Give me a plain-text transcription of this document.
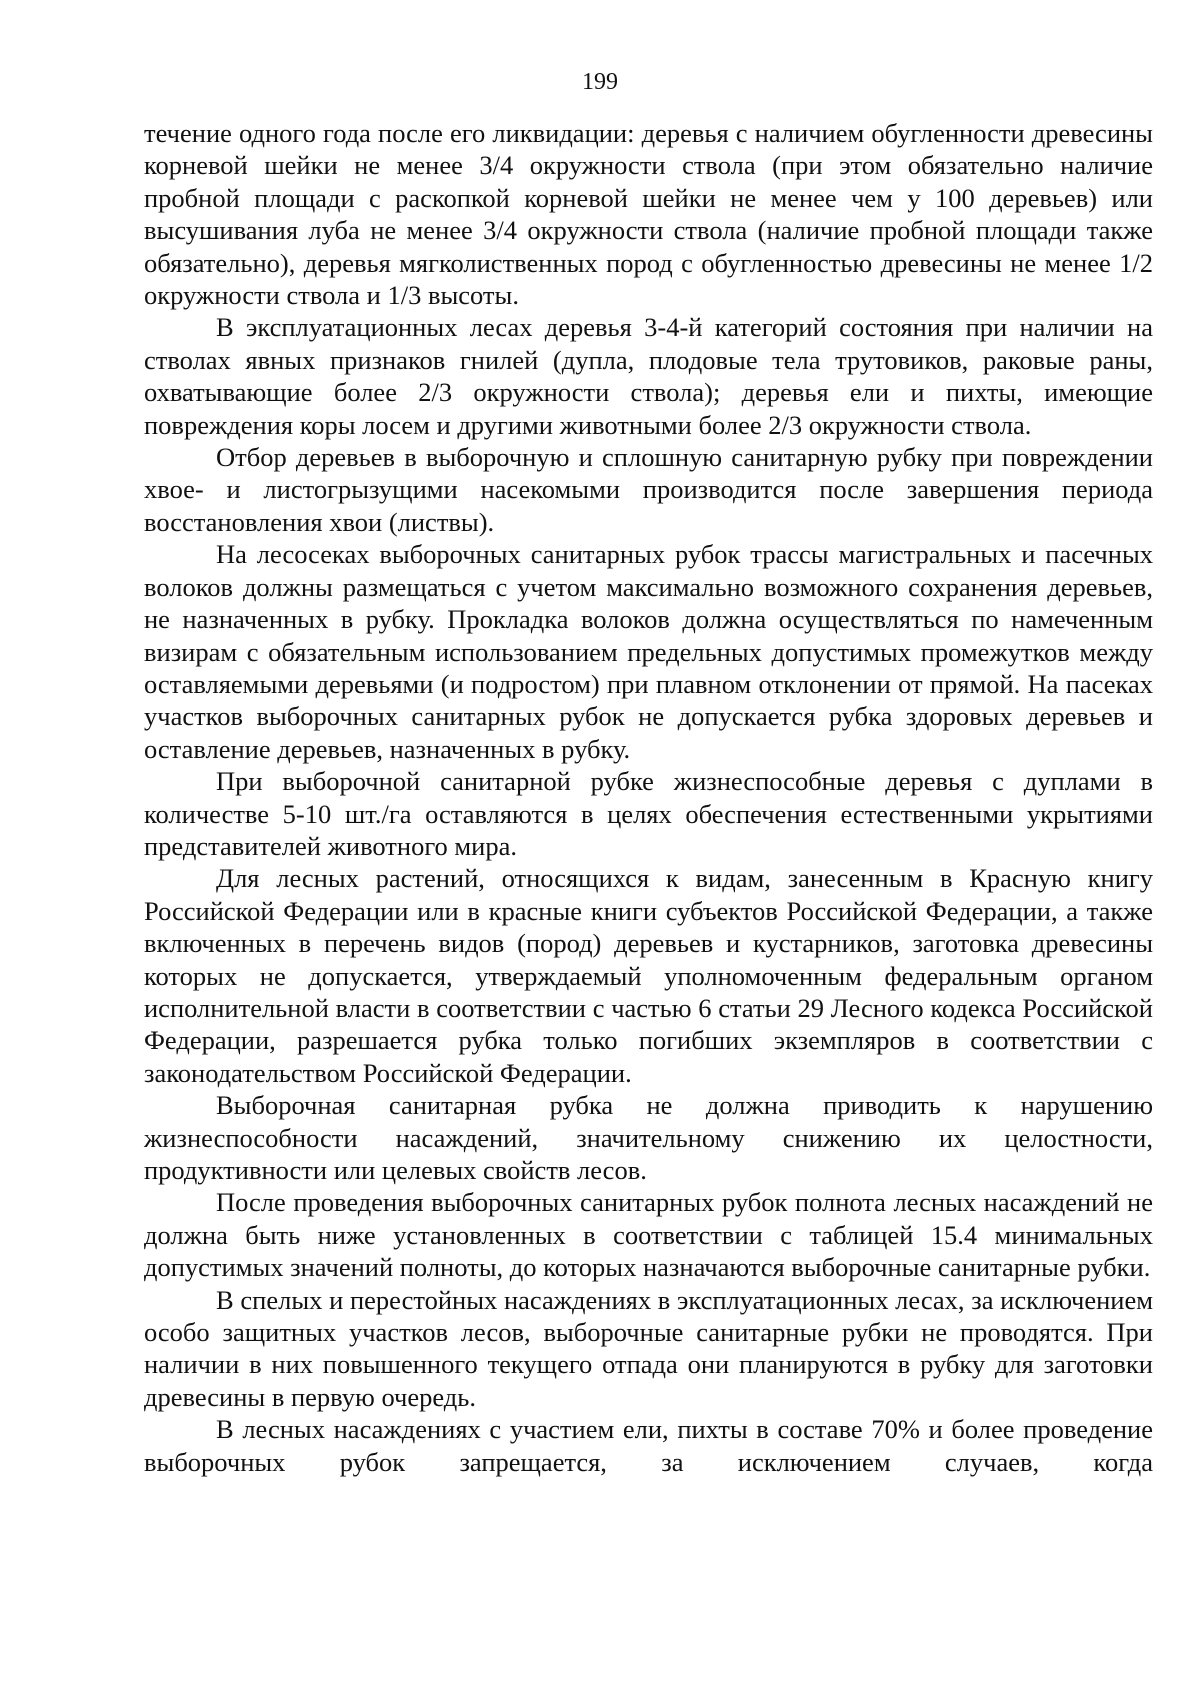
199

течение одного года после его ликвидации: деревья с наличием обугленности древесины корневой шейки не менее 3/4 окружности ствола (при этом обязательно наличие пробной площади с раскопкой корневой шейки не менее чем у 100 деревьев) или высушивания луба не менее 3/4 окружности ствола (наличие пробной площади также обязательно), деревья мягколиственных пород с обугленностью древесины не менее 1/2 окружности ствола и 1/3 высоты.

В эксплуатационных лесах деревья 3-4-й категорий состояния при наличии на стволах явных признаков гнилей (дупла, плодовые тела трутовиков, раковые раны, охватывающие более 2/3 окружности ствола); деревья ели и пихты, имеющие повреждения коры лосем и другими животными более 2/3 окружности ствола.

Отбор деревьев в выборочную и сплошную санитарную рубку при повреждении хвое- и листогрызущими насекомыми производится после завершения периода восстановления хвои (листвы).

На лесосеках выборочных санитарных рубок трассы магистральных и пасечных волоков должны размещаться с учетом максимально возможного сохранения деревьев, не назначенных в рубку. Прокладка волоков должна осуществляться по намеченным визирам с обязательным использованием предельных допустимых промежутков между оставляемыми деревьями (и подростом) при плавном отклонении от прямой. На пасеках участков выборочных санитарных рубок не допускается рубка здоровых деревьев и оставление деревьев, назначенных в рубку.

При выборочной санитарной рубке жизнеспособные деревья с дуплами в количестве 5-10 шт./га оставляются в целях обеспечения естественными укрытиями представителей животного мира.

Для лесных растений, относящихся к видам, занесенным в Красную книгу Российской Федерации или в красные книги субъектов Российской Федерации, а также включенных в перечень видов (пород) деревьев и кустарников, заготовка древесины которых не допускается, утверждаемый уполномоченным федеральным органом исполнительной власти в соответствии с частью 6 статьи 29 Лесного кодекса Российской Федерации, разрешается рубка только погибших экземпляров в соответствии с законодательством Российской Федерации.

Выборочная санитарная рубка не должна приводить к нарушению жизнеспособности насаждений, значительному снижению их целостности, продуктивности или целевых свойств лесов.

После проведения выборочных санитарных рубок полнота лесных насаждений не должна быть ниже установленных в соответствии с таблицей 15.4 минимальных допустимых значений полноты, до которых назначаются выборочные санитарные рубки.

В спелых и перестойных насаждениях в эксплуатационных лесах, за исключением особо защитных участков лесов, выборочные санитарные рубки не проводятся. При наличии в них повышенного текущего отпада они планируются в рубку для заготовки древесины в первую очередь.

В лесных насаждениях с участием ели, пихты в составе 70% и более проведение выборочных рубок запрещается, за исключением случаев, когда
